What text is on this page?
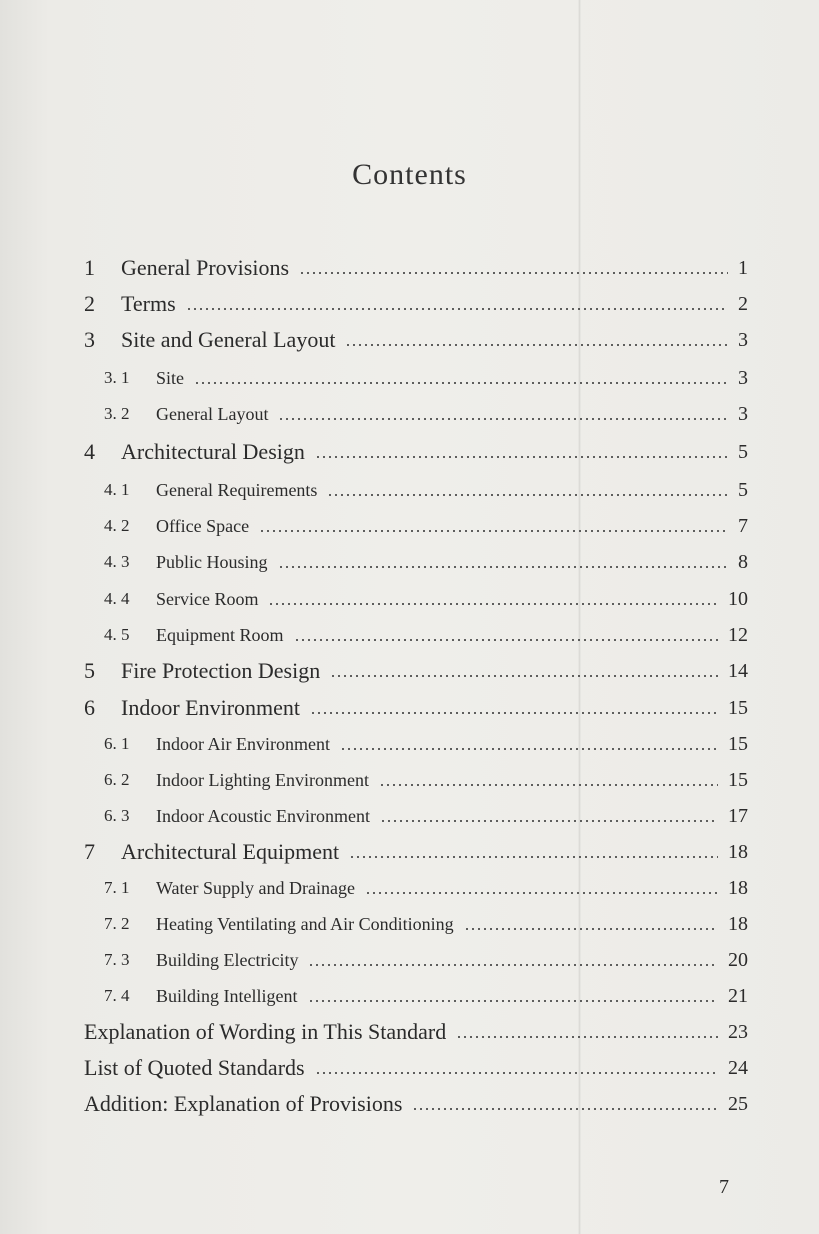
Contents
1 General Provisions	1
2 Terms	2
3 Site and General Layout	3
3. 1 Site	3
3. 2 General Layout	3
4 Architectural Design	5
4. 1 General Requirements	5
4. 2 Office Space	7
4. 3 Public Housing	8
4. 4 Service Room	10
4. 5 Equipment Room	12
5 Fire Protection Design	14
6 Indoor Environment	15
6. 1 Indoor Air Environment	15
6. 2 Indoor Lighting Environment	15
6. 3 Indoor Acoustic Environment	17
7 Architectural Equipment	18
7. 1 Water Supply and Drainage	18
7. 2 Heating Ventilating and Air Conditioning	18
7. 3 Building Electricity	20
7. 4 Building Intelligent	21
Explanation of Wording in This Standard	23
List of Quoted Standards	24
Addition: Explanation of Provisions	25
7
